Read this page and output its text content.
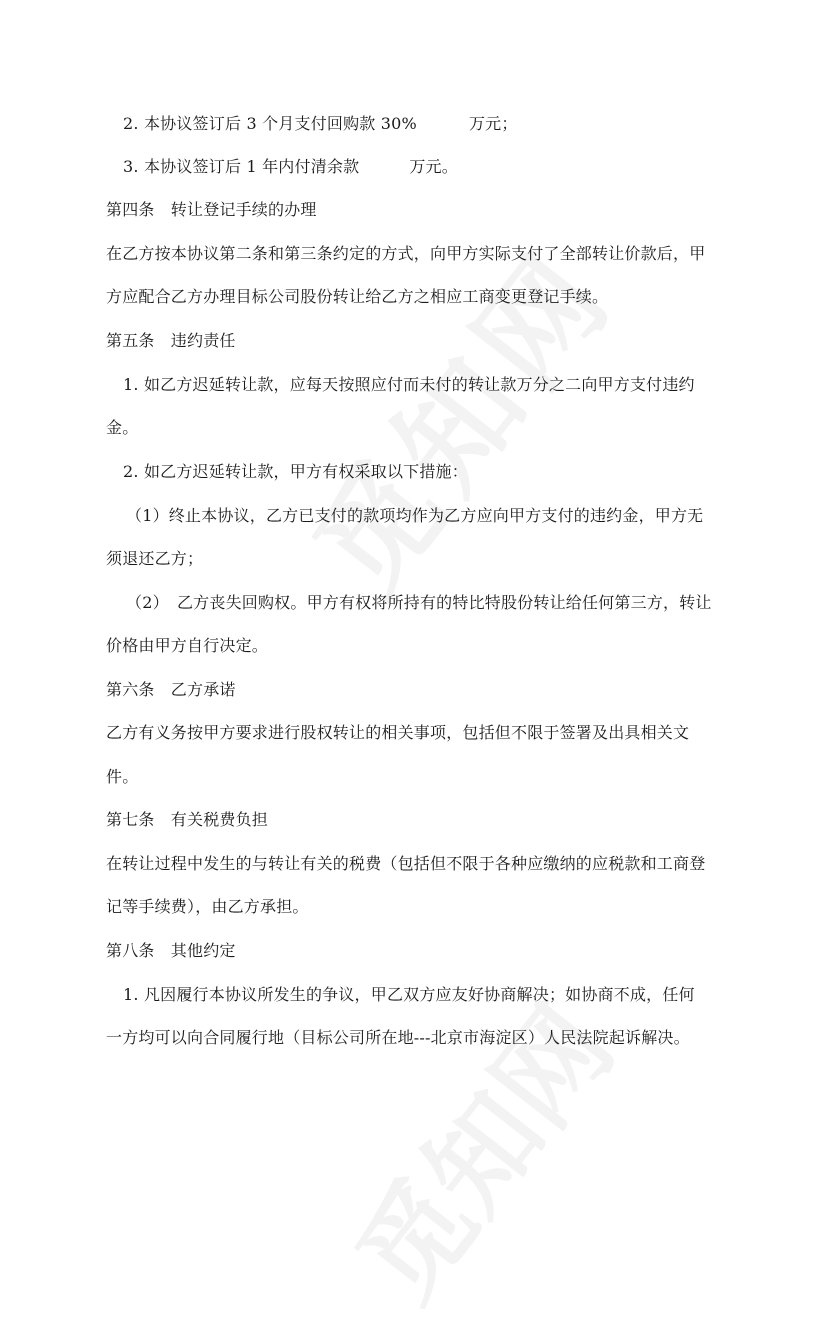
2. 本协议签订后 3 个月支付回购款 30%	万元；
3. 本协议签订后 1 年内付清余款	万元。
第四条　转让登记手续的办理
在乙方按本协议第二条和第三条约定的方式，向甲方实际支付了全部转让价款后，甲
方应配合乙方办理目标公司股份转让给乙方之相应工商变更登记手续。
第五条　违约责任
1. 如乙方迟延转让款，应每天按照应付而未付的转让款万分之二向甲方支付违约
金。
2. 如乙方迟延转让款，甲方有权采取以下措施：
（1）终止本协议，乙方已支付的款项均作为乙方应向甲方支付的违约金，甲方无
须退还乙方；
（2）　乙方丧失回购权。甲方有权将所持有的特比特股份转让给任何第三方，转让
价格由甲方自行决定。
第六条　乙方承诺
乙方有义务按甲方要求进行股权转让的相关事项，包括但不限于签署及出具相关文
件。
第七条　有关税费负担
在转让过程中发生的与转让有关的税费（包括但不限于各种应缴纳的应税款和工商登
记等手续费），由乙方承担。
第八条　其他约定
1. 凡因履行本协议所发生的争议，甲乙双方应友好协商解决；如协商不成，任何
一方均可以向合同履行地（目标公司所在地---北京市海淀区）人民法院起诉解决。
